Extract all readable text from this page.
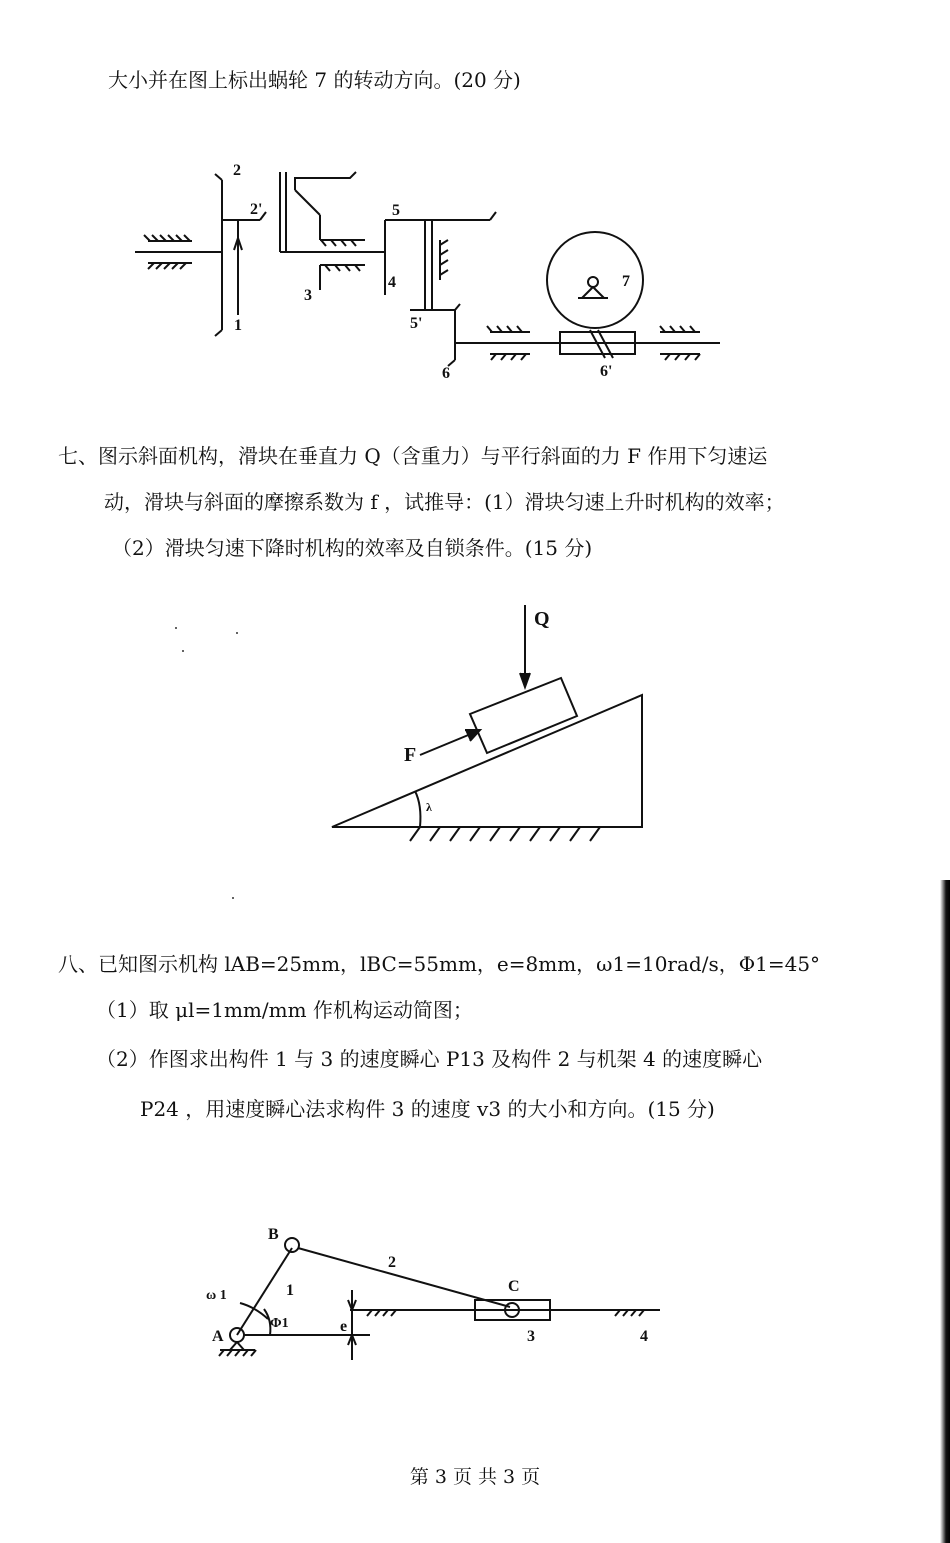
大小并在图上标出蜗轮 7 的转动方向。(20 分)
2
2'
1
3
5
4
5'
6	6'
7
七、图示斜面机构，滑块在垂直力 Q（含重力）与平行斜面的力 F 作用下匀速运
动，滑块与斜面的摩擦系数为 f ，试推导：(1）滑块匀速上升时机构的效率；
（2）滑块匀速下降时机构的效率及自锁条件。(15 分)
Q
F
λ
八、已知图示机构 lAB=25mm，lBC=55mm，e=8mm，ω1=10rad/s，Φ1=45°
（1）取 μl=1mm/mm 作机构运动简图；
（2）作图求出构件 1 与 3 的速度瞬心 P13 及构件 2 与机架 4 的速度瞬心
P24 ，用速度瞬心法求构件 3 的速度 v3 的大小和方向。(15 分)
B
A
1
2
C
3	4
e
ω 1
Φ1
第 3 页 共 3 页
